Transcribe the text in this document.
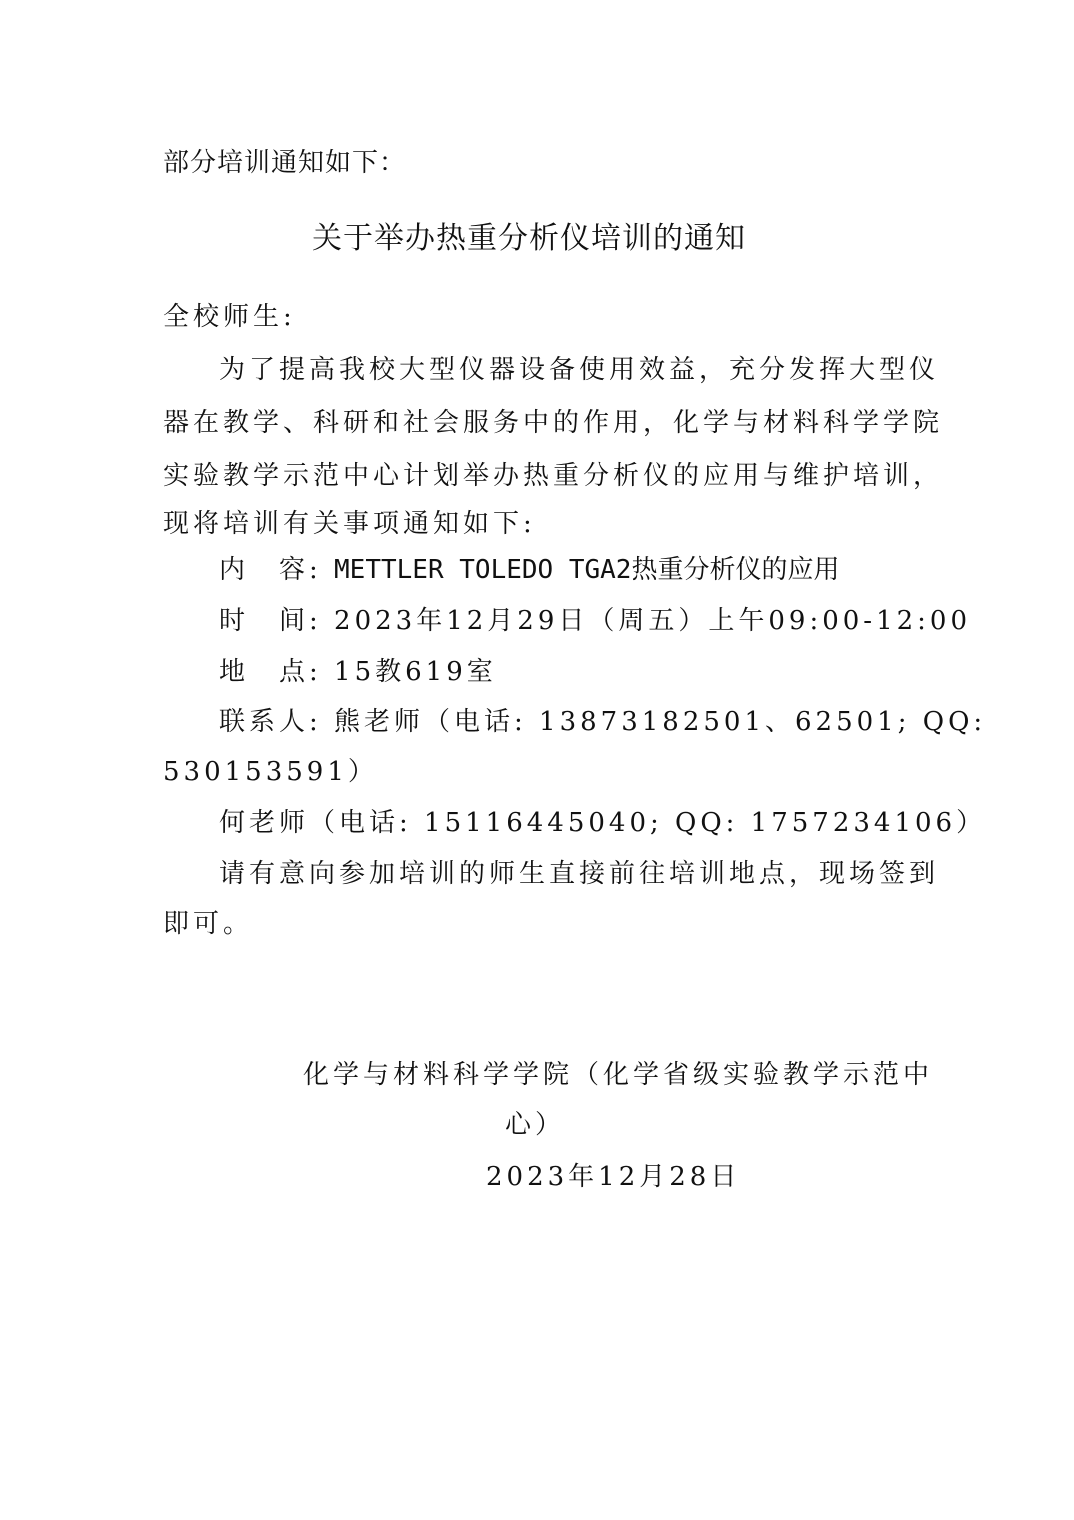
部分培训通知如下：
关于举办热重分析仪培训的通知
全校师生:
为了提高我校大型仪器设备使用效益，充分发挥大型仪
器在教学、科研和社会服务中的作用，化学与材料科学学院
实验教学示范中心计划举办热重分析仪的应用与维护培训，
现将培训有关事项通知如下:
内　容: METTLER TOLEDO TGA2热重分析仪的应用
时　间: 2023年12月29日（周五）上午09:00-12:00
地　点: 15教619室
联系人: 熊老师（电话: 13873182501、62501; QQ:
530153591）
何老师（电话: 15116445040; QQ: 1757234106）
请有意向参加培训的师生直接前往培训地点，现场签到
即可。
化学与材料科学学院（化学省级实验教学示范中
心）
2023年12月28日
